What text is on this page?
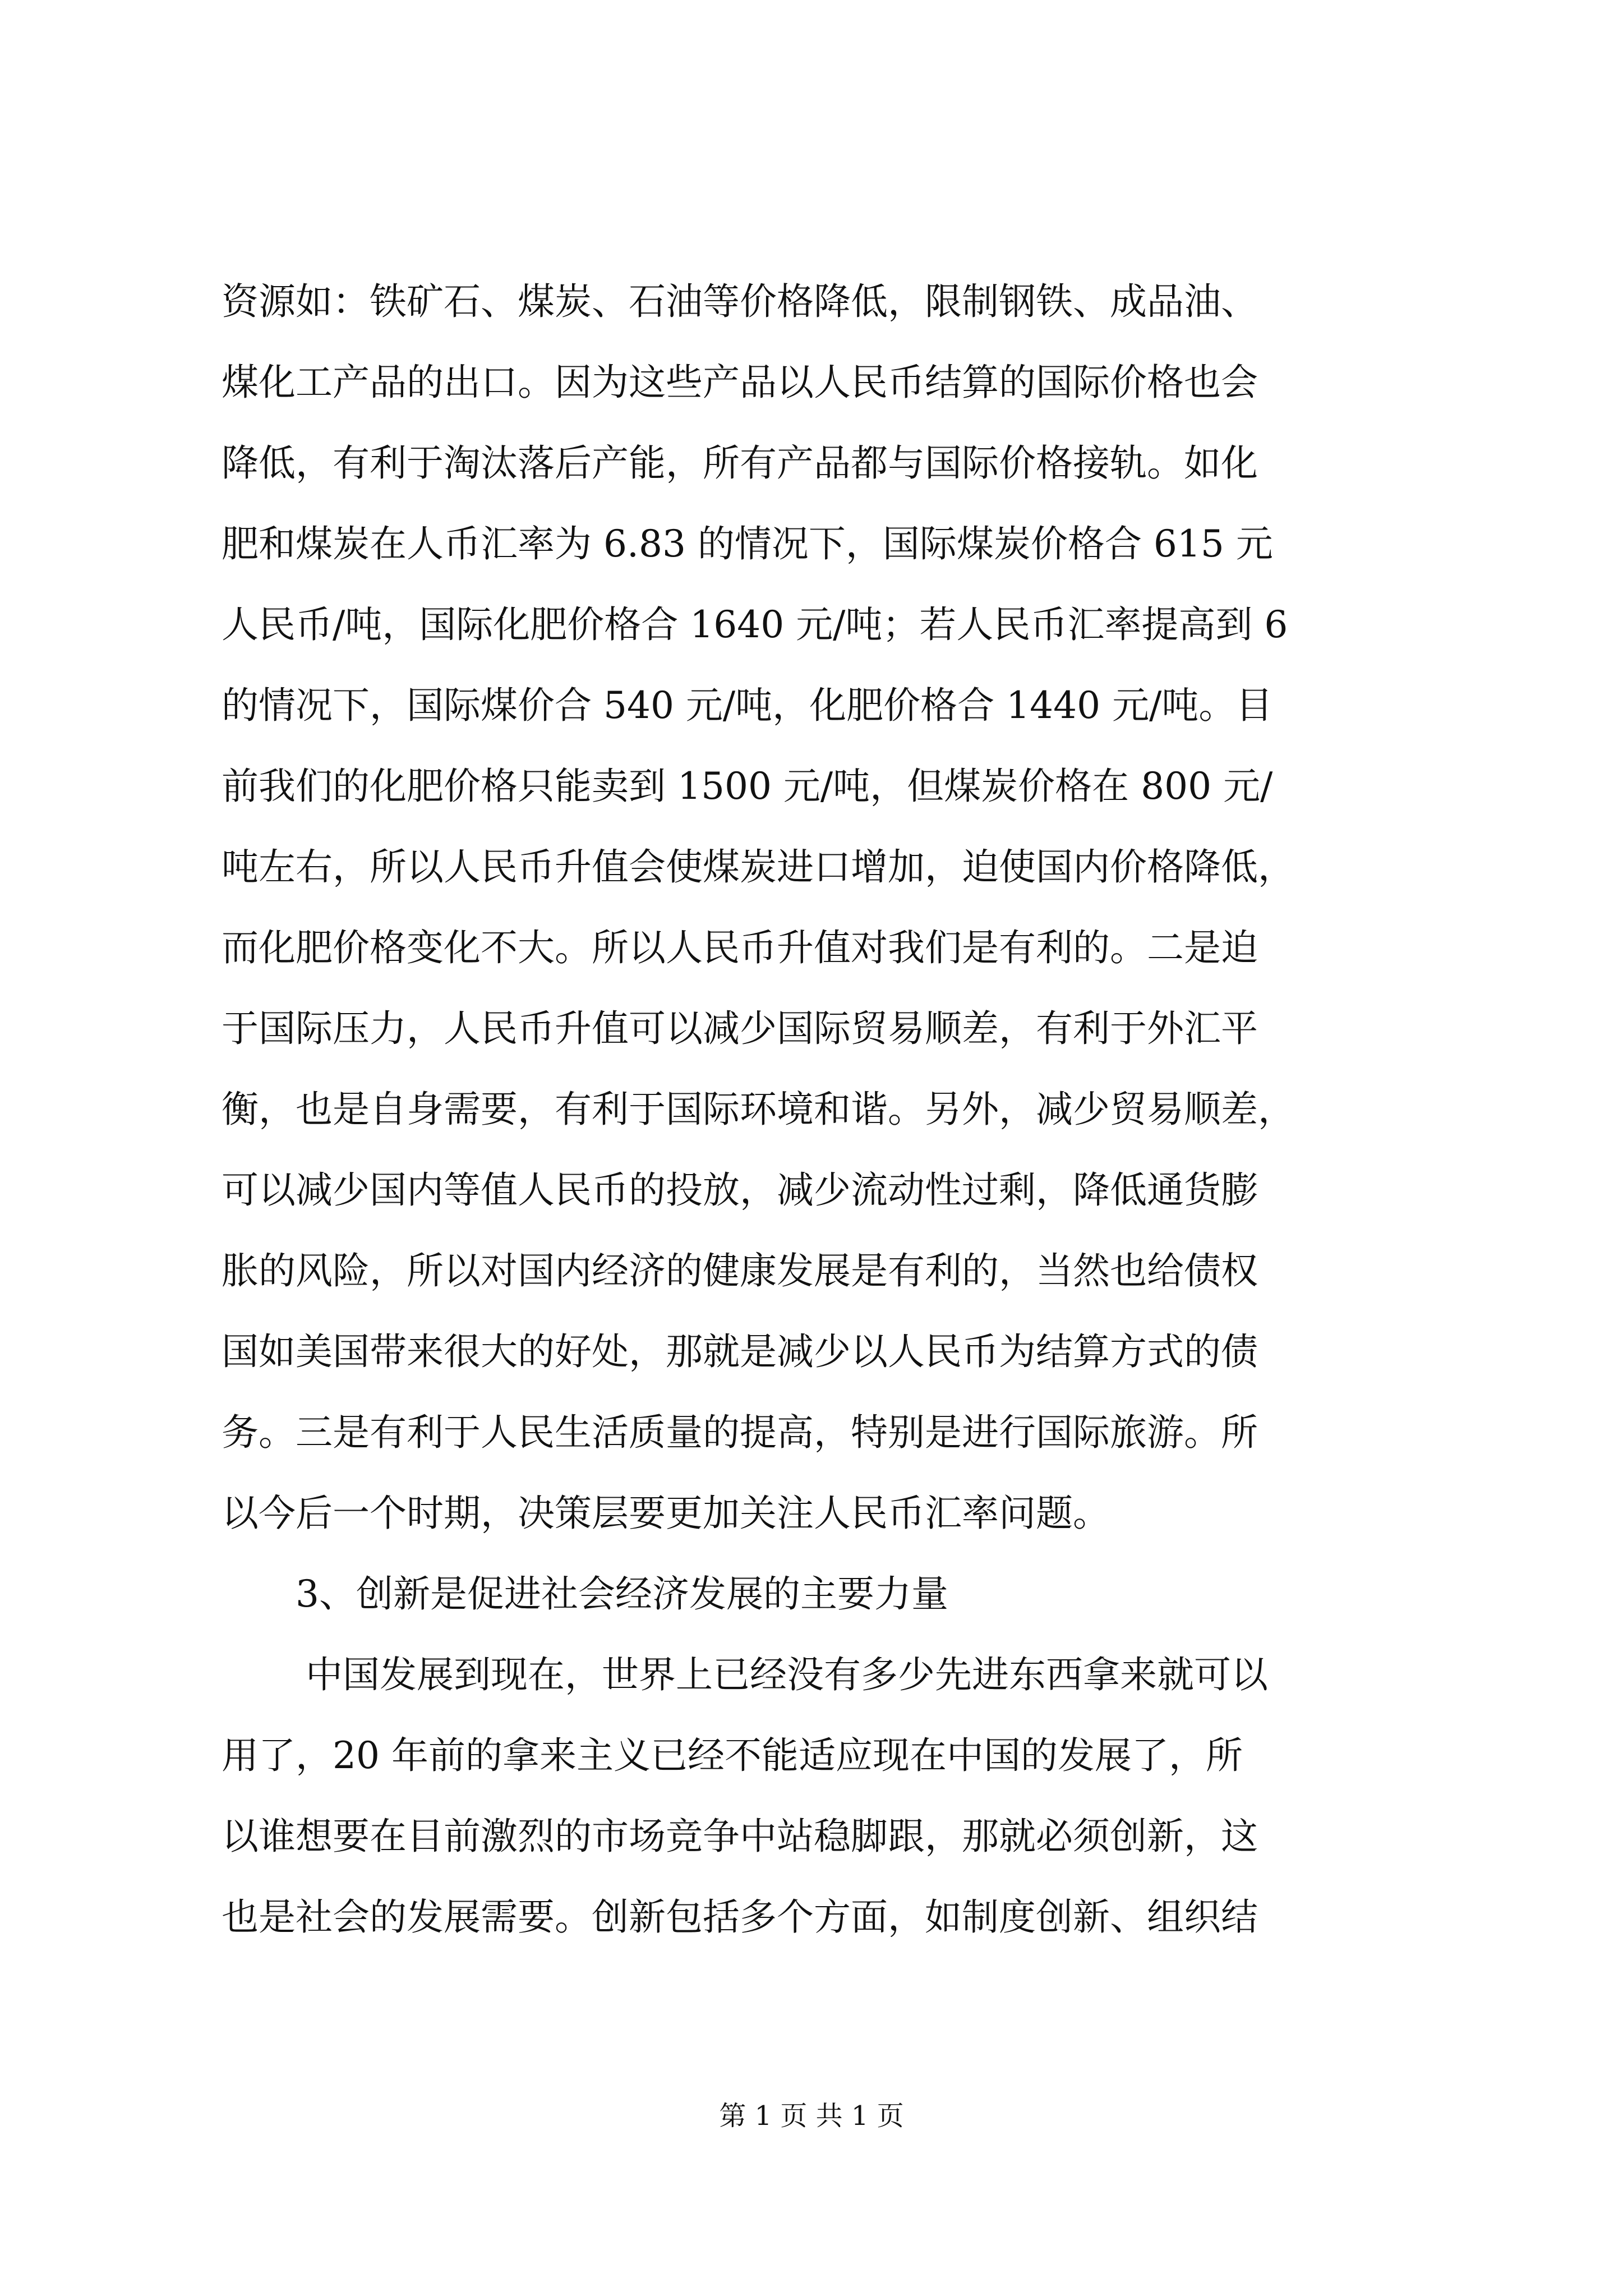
资源如：铁矿石、煤炭、石油等价格降低，限制钢铁、成品油、
煤化工产品的出口。因为这些产品以人民币结算的国际价格也会
降低，有利于淘汰落后产能，所有产品都与国际价格接轨。如化
肥和煤炭在人币汇率为 6.83 的情况下，国际煤炭价格合 615 元
人民币/吨，国际化肥价格合 1640 元/吨；若人民币汇率提高到 6
的情况下，国际煤价合 540 元/吨，化肥价格合 1440 元/吨。目
前我们的化肥价格只能卖到 1500 元/吨，但煤炭价格在 800 元/
吨左右，所以人民币升值会使煤炭进口增加，迫使国内价格降低，
而化肥价格变化不大。所以人民币升值对我们是有利的。二是迫
于国际压力，人民币升值可以减少国际贸易顺差，有利于外汇平
衡，也是自身需要，有利于国际环境和谐。另外，减少贸易顺差，
可以减少国内等值人民币的投放，减少流动性过剩，降低通货膨
胀的风险，所以对国内经济的健康发展是有利的，当然也给债权
国如美国带来很大的好处，那就是减少以人民币为结算方式的债
务。三是有利于人民生活质量的提高，特别是进行国际旅游。所
以今后一个时期，决策层要更加关注人民币汇率问题。
3、创新是促进社会经济发展的主要力量
中国发展到现在，世界上已经没有多少先进东西拿来就可以
用了，20 年前的拿来主义已经不能适应现在中国的发展了，所
以谁想要在目前激烈的市场竞争中站稳脚跟，那就必须创新，这
也是社会的发展需要。创新包括多个方面，如制度创新、组织结
第 1 页 共 1 页
